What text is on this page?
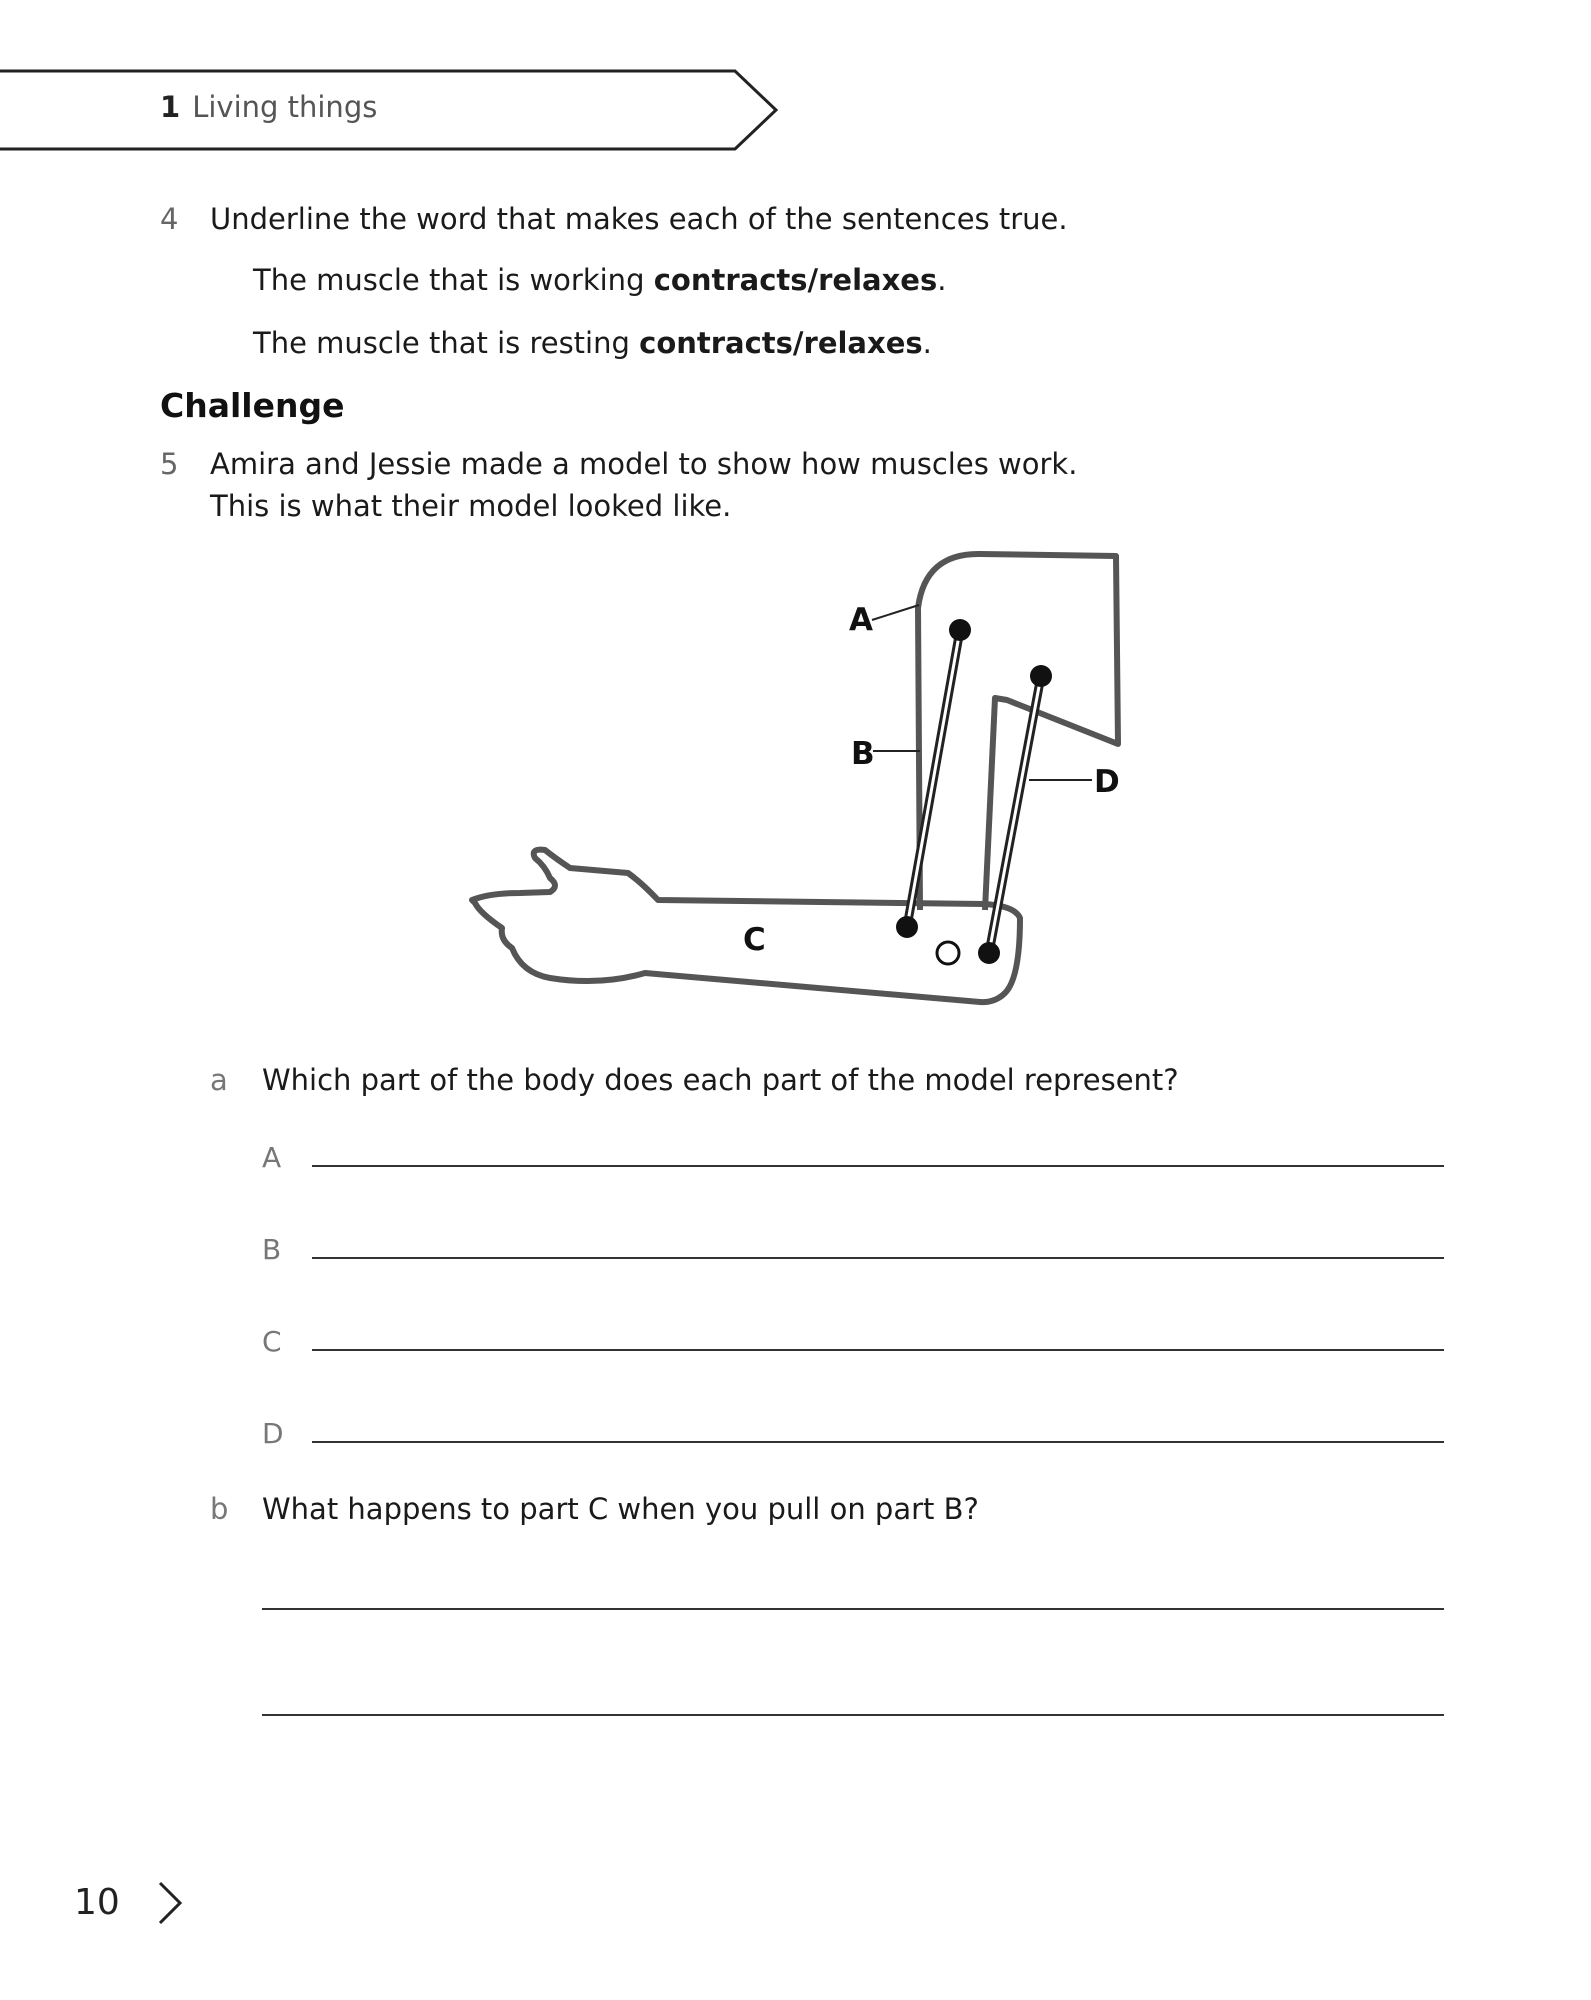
1 Living things
4 Underline the word that makes each of the sentences true.
The muscle that is working contracts/relaxes.
The muscle that is resting contracts/relaxes.
Challenge
5 Amira and Jessie made a model to show how muscles work.
This is what their model looked like.
A
B
C
D
a Which part of the body does each part of the model represent?
A
B
C
D
b What happens to part C when you pull on part B?
10
